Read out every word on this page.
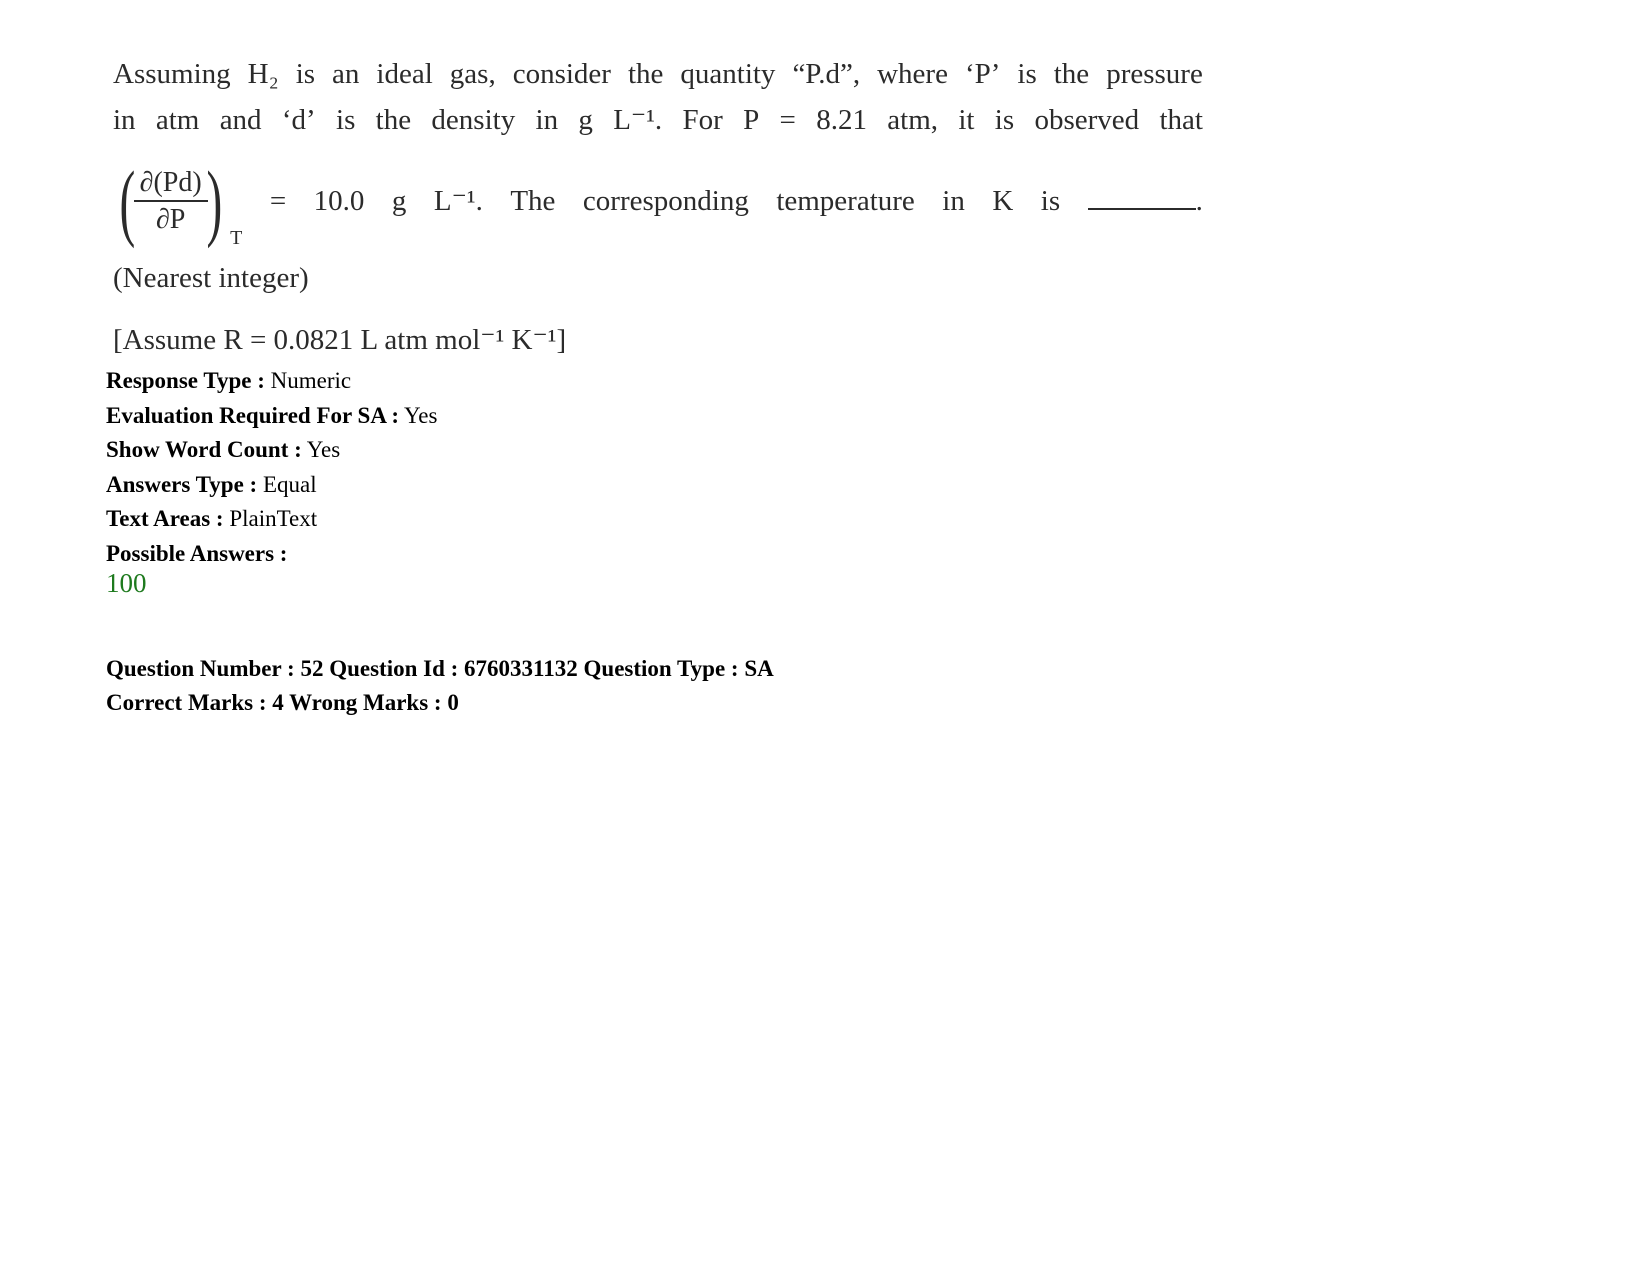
Assuming H₂ is an ideal gas, consider the quantity “P.d”, where ‘P’ is the pressure
in atm and ‘d’ is the density in g L⁻¹. For P = 8.21 atm, it is observed that
(
$\frac{\partial(Pd)}{\partial P}$
) T
= 10.0 g L⁻¹. The corresponding temperature in K is	.
(Nearest integer)
[Assume R = 0.0821 L atm mol⁻¹ K⁻¹]
Response Type : Numeric
Evaluation Required For SA : Yes
Show Word Count : Yes
Answers Type : Equal
Text Areas : PlainText
Possible Answers :
100
Question Number : 52 Question Id : 6760331132 Question Type : SA
Correct Marks : 4 Wrong Marks : 0
